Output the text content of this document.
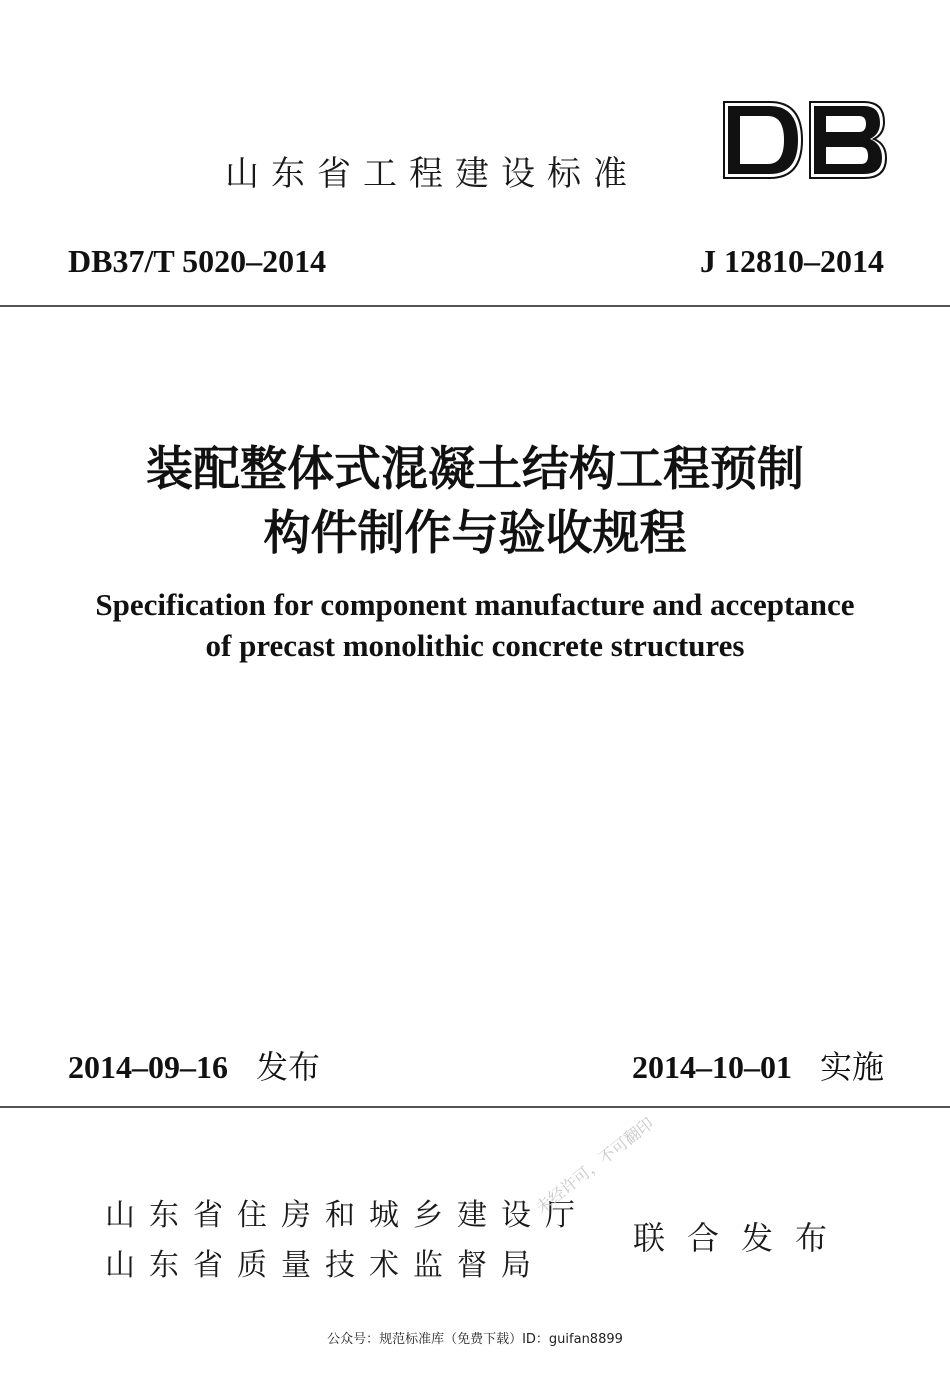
山东省工程建设标准
DB37/T 5020–2014	J 12810–2014
装配整体式混凝土结构工程预制
构件制作与验收规程
Specification for component manufacture and acceptance
of precast monolithic concrete structures
2014–09–16 发布	2014–10–01 实施
山东省住房和城乡建设厅
山东省质量技术监督局
联合发布
未经许可，不可翻印
公众号：规范标准库（免费下载）ID：guifan8899
